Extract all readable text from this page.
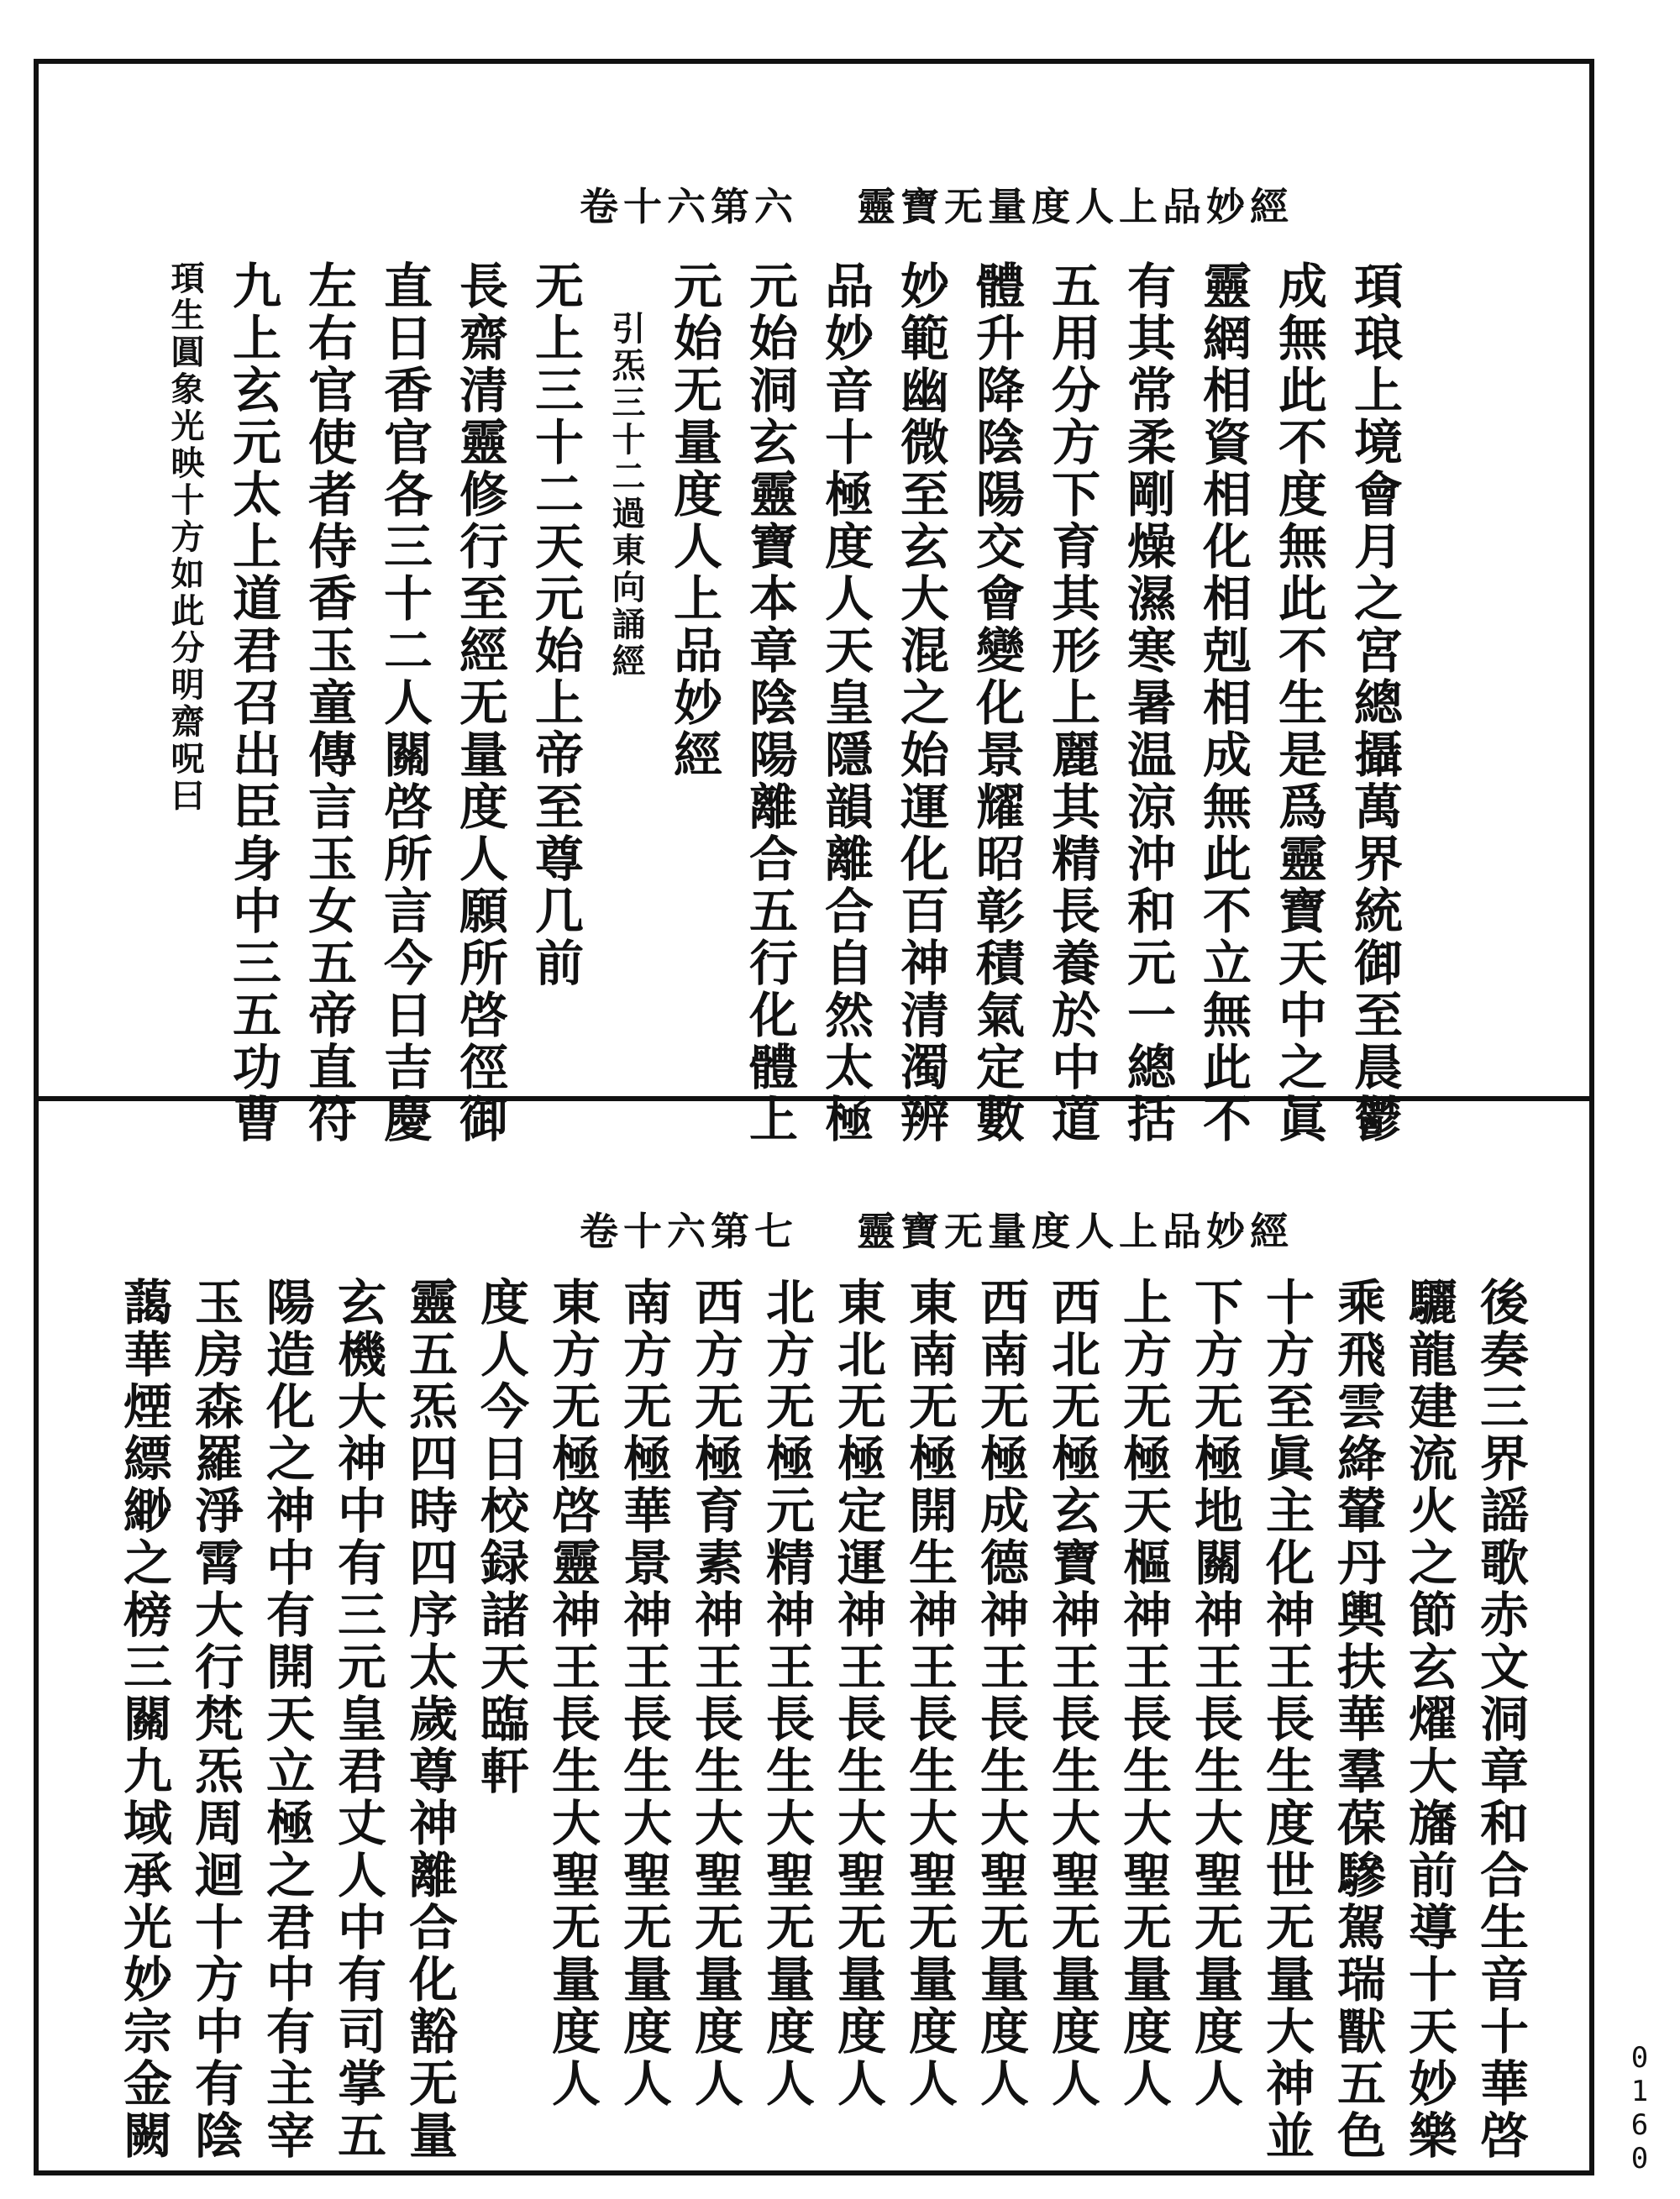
卷十六第六 靈寶无量度人上品妙經
頊生圓象光映十方如此分明齋呪曰 九上玄元太上道君召出臣身中三五功曹 左右官使者侍香玉童傳言玉女五帝直符 直日香官各三十二人關啓所言今日吉慶 長齋清靈修行至經无量度人願所啓徑御 无上三十二天元始上帝至尊几前 引炁三十二過東向誦經 元始无量度人上品妙經 元始洞玄靈寶本章陰陽離合五行化體上 品妙音十極度人天皇隱韻離合自然太極 妙範幽微至玄大混之始運化百神清濁辨 體升降陰陽交會變化景耀昭彰積氣定數 五用分方下育其形上麗其精長養於中道 有其常柔剛燥濕寒暑温涼沖和元一總括 靈網相資相化相剋相成無此不立無此不 成無此不度無此不生是爲靈寶天中之眞 頊琅上境會月之宮總攝萬界統御至晨鬱
卷十六第七 靈寶无量度人上品妙經
藹華煙縹緲之榜三關九域承光妙宗金闕 玉房森羅淨霄大行梵炁周迴十方中有陰 陽造化之神中有開天立極之君中有主宰 玄機大神中有三元皇君丈人中有司掌五 靈五炁四時四序太歲尊神離合化豁无量 度人今日校録諸天臨軒 東方无極啓靈神王長生大聖无量度人 南方无極華景神王長生大聖无量度人 西方无極育素神王長生大聖无量度人 北方无極元精神王長生大聖无量度人 東北无極定運神王長生大聖无量度人 東南无極開生神王長生大聖无量度人 西南无極成德神王長生大聖无量度人 西北无極玄寶神王長生大聖无量度人 上方无極天樞神王長生大聖无量度人 下方无極地關神王長生大聖无量度人 十方至眞主化神王長生度世无量大神並 乘飛雲絳輦丹輿扶華羣葆驂駕瑞獸五色 驪龍建流火之節玄燿大旛前導十天妙樂 後奏三界謡歌赤文洞章和合生音十華啓	0160
